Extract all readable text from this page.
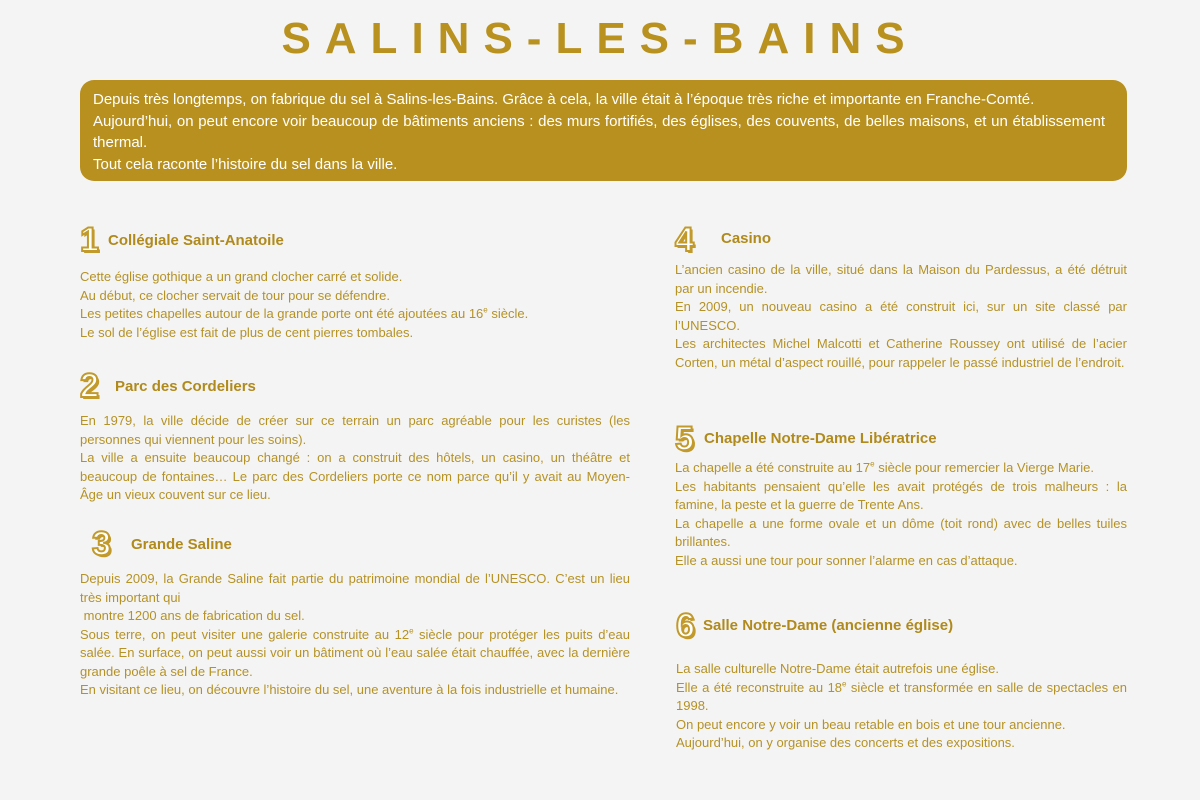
SALINS-LES-BAINS

Depuis très longtemps, on fabrique du sel à Salins-les-Bains. Grâce à cela, la ville était à l’époque très riche et importante en Franche-Comté.

Aujourd’hui, on peut encore voir beaucoup de bâtiments anciens : des murs fortifiés, des églises, des couvents, de belles maisons, et un établissement thermal.

Tout cela raconte l’histoire du sel dans la ville.

1 Collégiale Saint-Anatoile

Cette église gothique a un grand clocher carré et solide.

Au début, ce clocher servait de tour pour se défendre.

Les petites chapelles autour de la grande porte ont été ajoutées au 16e siècle.

Le sol de l’église est fait de plus de cent pierres tombales.

2 Parc des Cordeliers

En 1979, la ville décide de créer sur ce terrain un parc agréable pour les curistes (les personnes qui viennent pour les soins).

La ville a ensuite beaucoup changé : on a construit des hôtels, un casino, un théâtre et beaucoup de fontaines… Le parc des Cordeliers porte ce nom parce qu’il y avait au Moyen-Âge un vieux couvent sur ce lieu.

3 Grande Saline

Depuis 2009, la Grande Saline fait partie du patrimoine mondial de l’UNESCO. C’est un lieu très important qui

montre 1200 ans de fabrication du sel.

Sous terre, on peut visiter une galerie construite au 12e siècle pour protéger les puits d’eau salée. En surface, on peut aussi voir un bâtiment où l’eau salée était chauffée, avec la dernière grande poêle à sel de France.

En visitant ce lieu, on découvre l’histoire du sel, une aventure à la fois industrielle et humaine.

4 Casino

L’ancien casino de la ville, situé dans la Maison du Pardessus, a été détruit par un incendie.

En 2009, un nouveau casino a été construit ici, sur un site classé par l’UNESCO.

Les architectes Michel Malcotti et Catherine Roussey ont utilisé de l’acier Corten, un métal d’aspect rouillé, pour rappeler le passé industriel de l’endroit.

5 Chapelle Notre-Dame Libératrice

La chapelle a été construite au 17e siècle pour remercier la Vierge Marie.

Les habitants pensaient qu’elle les avait protégés de trois malheurs : la famine, la peste et la guerre de Trente Ans.

La chapelle a une forme ovale et un dôme (toit rond) avec de belles tuiles brillantes.

Elle a aussi une tour pour sonner l’alarme en cas d’attaque.

6 Salle Notre-Dame (ancienne église)

La salle culturelle Notre-Dame était autrefois une église.

Elle a été reconstruite au 18e siècle et transformée en salle de spectacles en 1998.

On peut encore y voir un beau retable en bois et une tour ancienne.

Aujourd’hui, on y organise des concerts et des expositions.
